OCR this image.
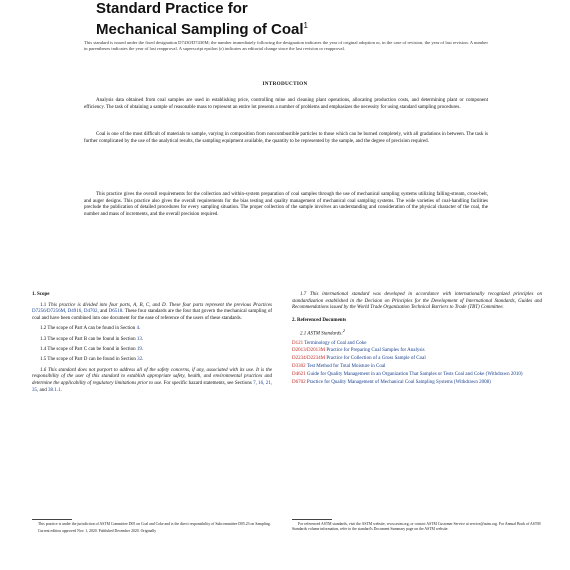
Standard Practice for
Mechanical Sampling of Coal$^1$
This standard is issued under the fixed designation D7430/D7430M; the number immediately following the designation indicates the year of original adoption or, in the case of revision, the year of last revision. A number in parentheses indicates the year of last reapproval. A superscript epsilon (ε) indicates an editorial change since the last revision or reapproval.
INTRODUCTION

Analysis data obtained from coal samples are used in establishing price, controlling mine and cleaning plant operations, allocating production costs, and determining plant or component efficiency. The task of obtaining a sample of reasonable mass to represent an entire lot presents a number of problems and emphasizes the necessity for using standard sampling procedures.

Coal is one of the most difficult of materials to sample, varying in composition from noncombustible particles to those which can be burned completely, with all gradations in between. The task is further complicated by the use of the analytical results, the sampling equipment available, the quantity to be represented by the sample, and the degree of precision required.

This practice gives the overall requirements for the collection and within-system preparation of coal samples through the use of mechanical sampling systems utilizing falling-stream, cross-belt, and auger designs. This practice also gives the overall requirements for the bias testing and quality management of mechanical coal sampling systems. The wide varieties of coal-handling facilities preclude the publication of detailed procedures for every sampling situation. The proper collection of the sample involves an understanding and consideration of the physical character of the coal, the number and mass of increments, and the overall precision required.

1. Scope

1.1 This practice is divided into four parts, A, B, C, and D. These four parts represent the previous Practices D7256/D7256M, D4916, D4702, and D6518. These four standards are the four that govern the mechanical sampling of coal and have been combined into one document for the ease of reference of the users of these standards.

1.2 The scope of Part A can be found in Section 4.

1.3 The scope of Part B can be found in Section 13.

1.4 The scope of Part C can be found in Section 19.

1.5 The scope of Part D can be found in Section 32.

1.6 This standard does not purport to address all of the safety concerns, if any, associated with its use. It is the responsibility of the user of this standard to establish appropriate safety, health, and environmental practices and determine the applicability of regulatory limitations prior to use. For specific hazard statements, see Sections 7, 16, 21, 35, and 38.1.1.

1.7 This international standard was developed in accordance with internationally recognized principles on standardization established in the Decision on Principles for the Development of International Standards, Guides and Recommendations issued by the World Trade Organization Technical Barriers to Trade (TBT) Committee.

2. Referenced Documents

2.1 ASTM Standards:$^2$

D121 Terminology of Coal and Coke
D2013/D2013M Practice for Preparing Coal Samples for Analysis
D2234/D2234M Practice for Collection of a Gross Sample of Coal
D3302 Test Method for Total Moisture in Coal
D4621 Guide for Quality Management in an Organization That Samples or Tests Coal and Coke (Withdrawn 2010)
D6702 Practice for Quality Management of Mechanical Coal Sampling Systems (Withdrawn 2008)

This practice is under the jurisdiction of ASTM Committee D05 on Coal and Coke and is the direct responsibility of Subcommittee D05.23 on Sampling.

Current edition approved Nov. 1, 2020. Published December 2020. Originally

For referenced ASTM standards, visit the ASTM website, www.astm.org, or contact ASTM Customer Service at service@astm.org. For Annual Book of ASTM Standards volume information, refer to the standard's Document Summary page on the ASTM website.
